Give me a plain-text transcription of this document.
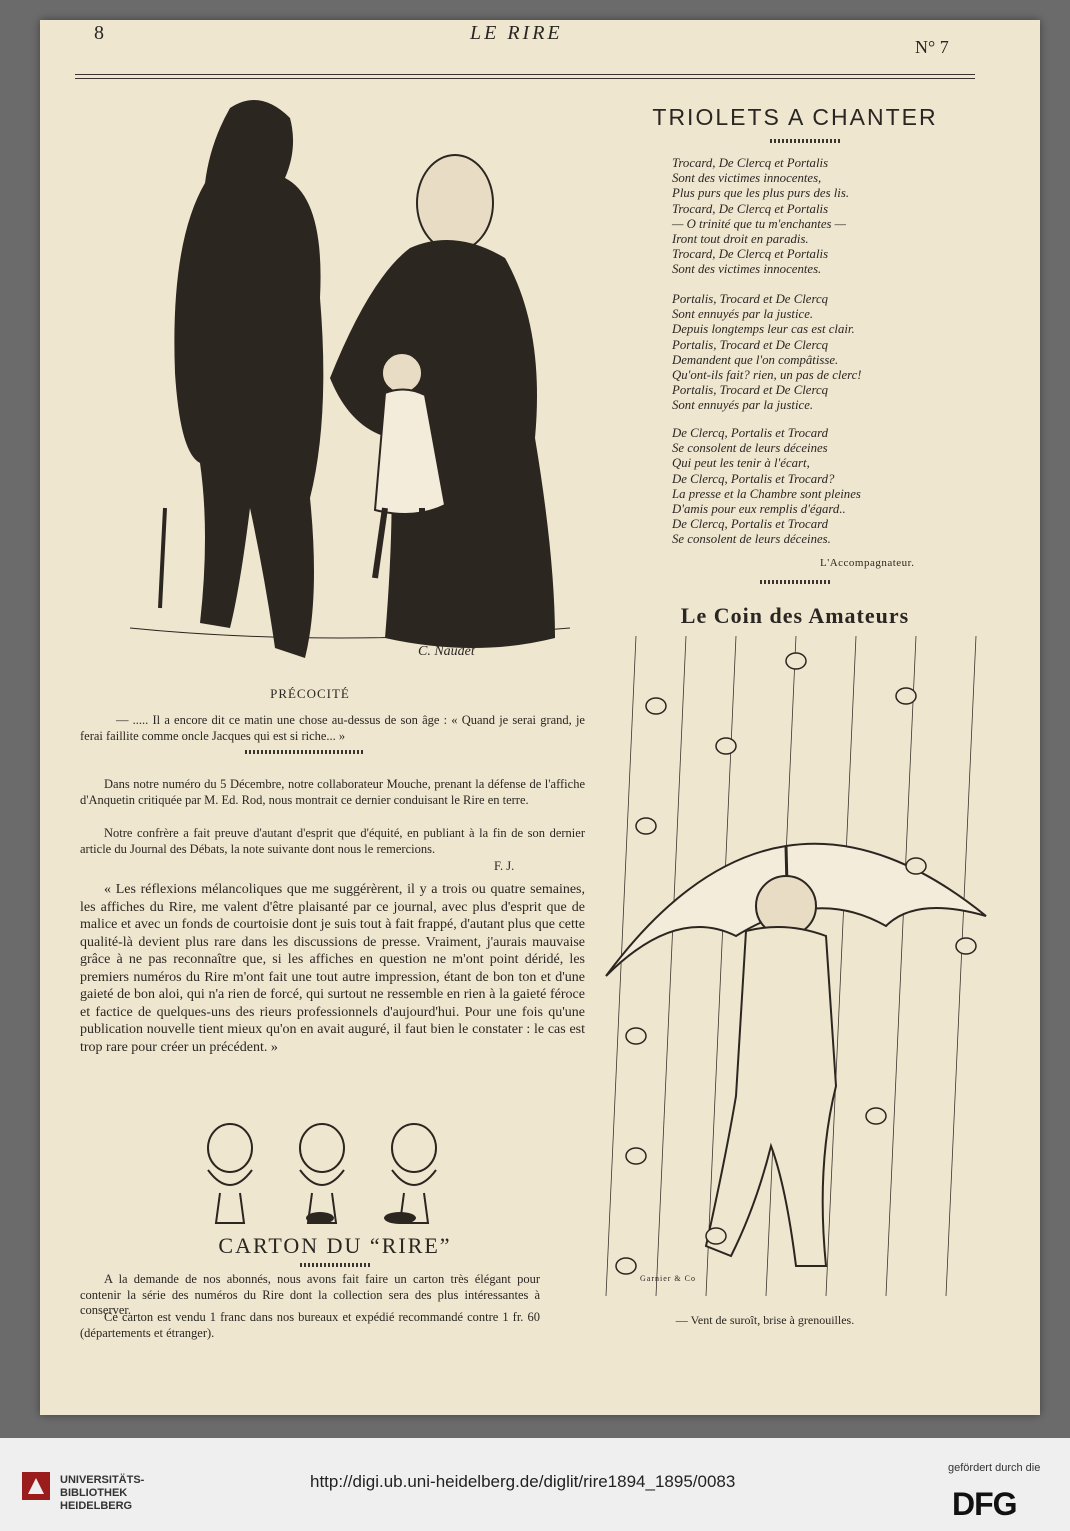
8	LE RIRE
N° 7
C. Naudet
PRÉCOCITÉ
— ..... Il a encore dit ce matin une chose au-dessus de son âge : « Quand je serai grand, je ferai faillite comme oncle Jacques qui est si riche... »
Dans notre numéro du 5 Décembre, notre collaborateur Mouche, prenant la défense de l'affiche d'Anquetin critiquée par M. Ed. Rod, nous montrait ce dernier conduisant le Rire en terre.
Notre confrère a fait preuve d'autant d'esprit que d'équité, en publiant à la fin de son dernier article du Journal des Débats, la note suivante dont nous le remercions.
F. J.
« Les réflexions mélancoliques que me suggérèrent, il y a trois ou quatre semaines, les affiches du Rire, me valent d'être plaisanté par ce journal, avec plus d'esprit que de malice et avec un fonds de courtoisie dont je suis tout à fait frappé, d'autant plus que cette qualité-là devient plus rare dans les discussions de presse. Vraiment, j'aurais mauvaise grâce à ne pas reconnaître que, si les affiches en question ne m'ont point déridé, les premiers numéros du Rire m'ont fait une tout autre impression, étant de bon ton et d'une gaieté de bon aloi, qui n'a rien de forcé, qui surtout ne ressemble en rien à la gaieté féroce et factice de quelques-uns des rieurs professionnels d'aujourd'hui. Pour une fois qu'une publication nouvelle tient mieux qu'on en avait auguré, il faut bien le constater : le cas est trop rare pour créer un précédent. »
CARTON DU “RIRE”
A la demande de nos abonnés, nous avons fait faire un carton très élégant pour contenir la série des numéros du Rire dont la collection sera des plus intéressantes à conserver.
Ce carton est vendu 1 franc dans nos bureaux et expédié recommandé contre 1 fr. 60 (départements et étranger).
TRIOLETS A CHANTER
Trocard, De Clercq et Portalis
Sont des victimes innocentes,
Plus purs que les plus purs des lis.
Trocard, De Clercq et Portalis
— O trinité que tu m'enchantes —
Iront tout droit en paradis.
Trocard, De Clercq et Portalis
Sont des victimes innocentes.
Portalis, Trocard et De Clercq
Sont ennuyés par la justice.
Depuis longtemps leur cas est clair.
Portalis, Trocard et De Clercq
Demandent que l'on compâtisse.
Qu'ont-ils fait? rien, un pas de clerc!
Portalis, Trocard et De Clercq
Sont ennuyés par la justice.
De Clercq, Portalis et Trocard
Se consolent de leurs déceines
Qui peut les tenir à l'écart,
De Clercq, Portalis et Trocard?
La presse et la Chambre sont pleines
D'amis pour eux remplis d'égard..
De Clercq, Portalis et Trocard
Se consolent de leurs déceines.
L'Accompagnateur.
Le Coin des Amateurs
Garnier & Co
— Vent de suroît, brise à grenouilles.
UNIVERSITÄTS-
BIBLIOTHEK
HEIDELBERG
http://digi.ub.uni-heidelberg.de/diglit/rire1894_1895/0083
gefördert durch die
DFG
